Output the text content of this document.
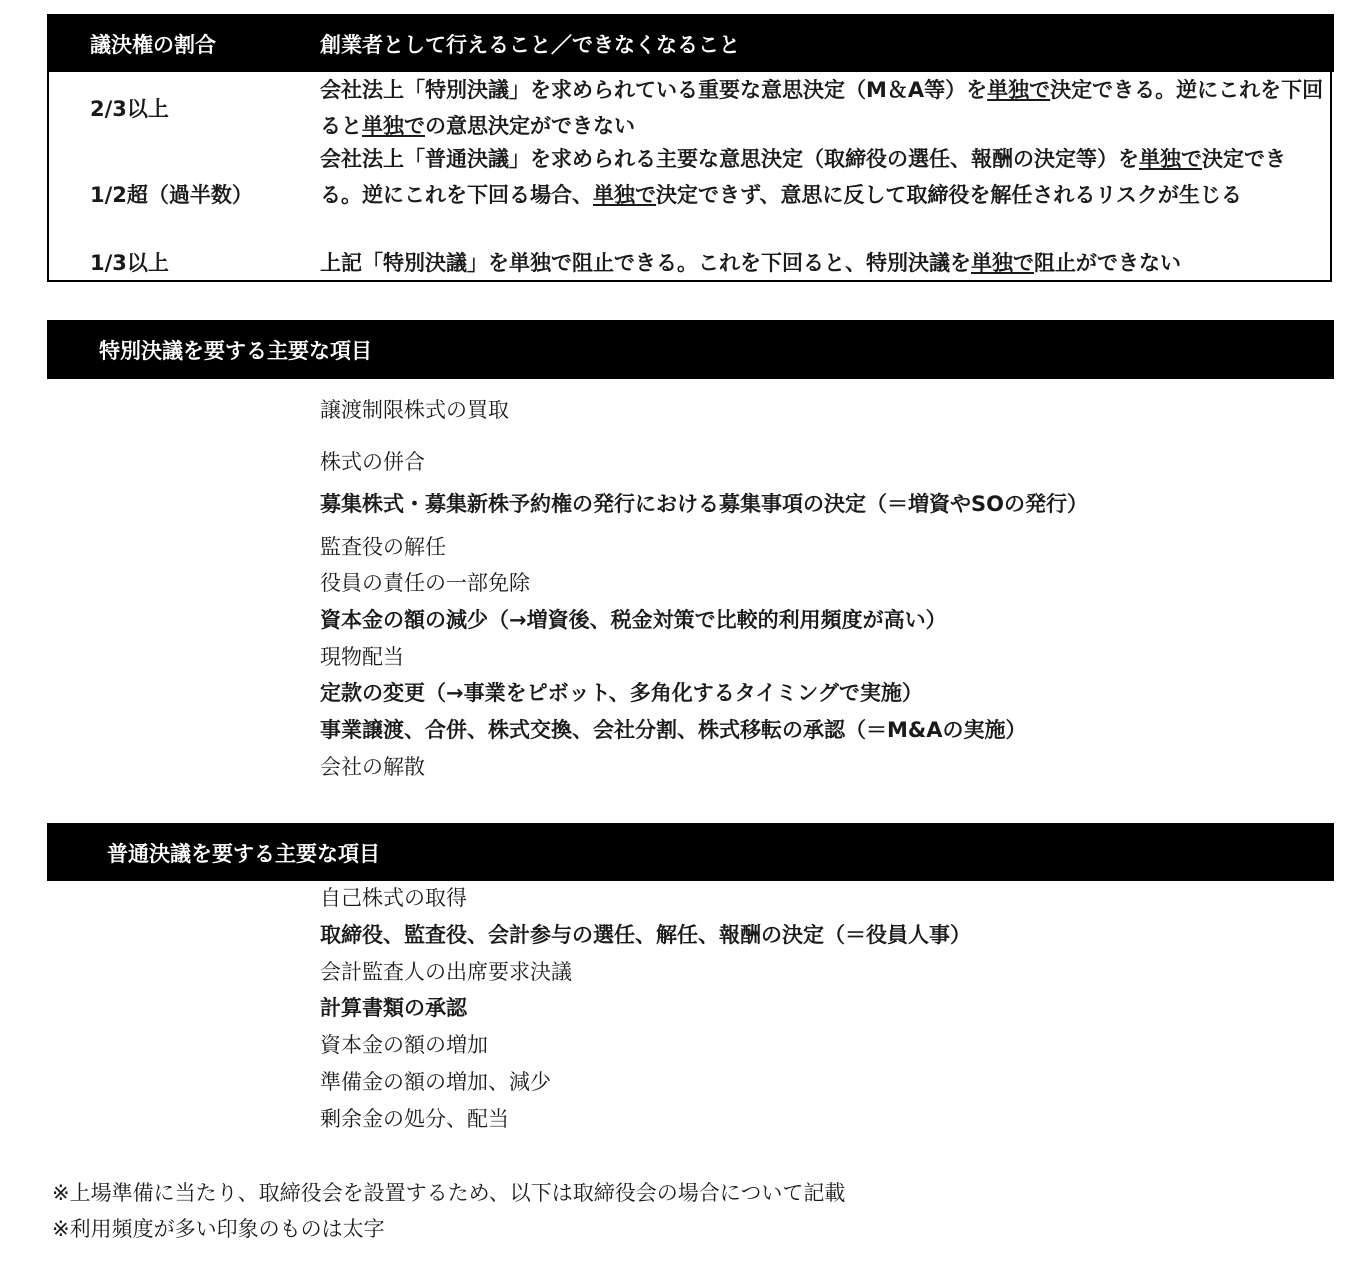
議決権の割合	創業者として行えること／できなくなること
2/3以上
会社法上「特別決議」を求められている重要な意思決定（M＆A等）を単独で決定できる。逆にこれを下回ると単独での意思決定ができない
1/2超（過半数）
会社法上「普通決議」を求められる主要な意思決定（取締役の選任、報酬の決定等）を単独で決定できる。逆にこれを下回る場合、単独で決定できず、意思に反して取締役を解任されるリスクが生じる
1/3以上	上記「特別決議」を単独で阻止できる。これを下回ると、特別決議を単独で阻止ができない
特別決議を要する主要な項目
譲渡制限株式の買取
株式の併合
募集株式・募集新株予約権の発行における募集事項の決定（＝増資やSOの発行）
監査役の解任
役員の責任の一部免除
資本金の額の減少（→増資後、税金対策で比較的利用頻度が高い）
現物配当
定款の変更（→事業をピボット、多角化するタイミングで実施）
事業譲渡、合併、株式交換、会社分割、株式移転の承認（＝M&Aの実施）
会社の解散
普通決議を要する主要な項目
自己株式の取得
取締役、監査役、会計参与の選任、解任、報酬の決定（＝役員人事）
会計監査人の出席要求決議
計算書類の承認
資本金の額の増加
準備金の額の増加、減少
剰余金の処分、配当
※上場準備に当たり、取締役会を設置するため、以下は取締役会の場合について記載
※利用頻度が多い印象のものは太字
